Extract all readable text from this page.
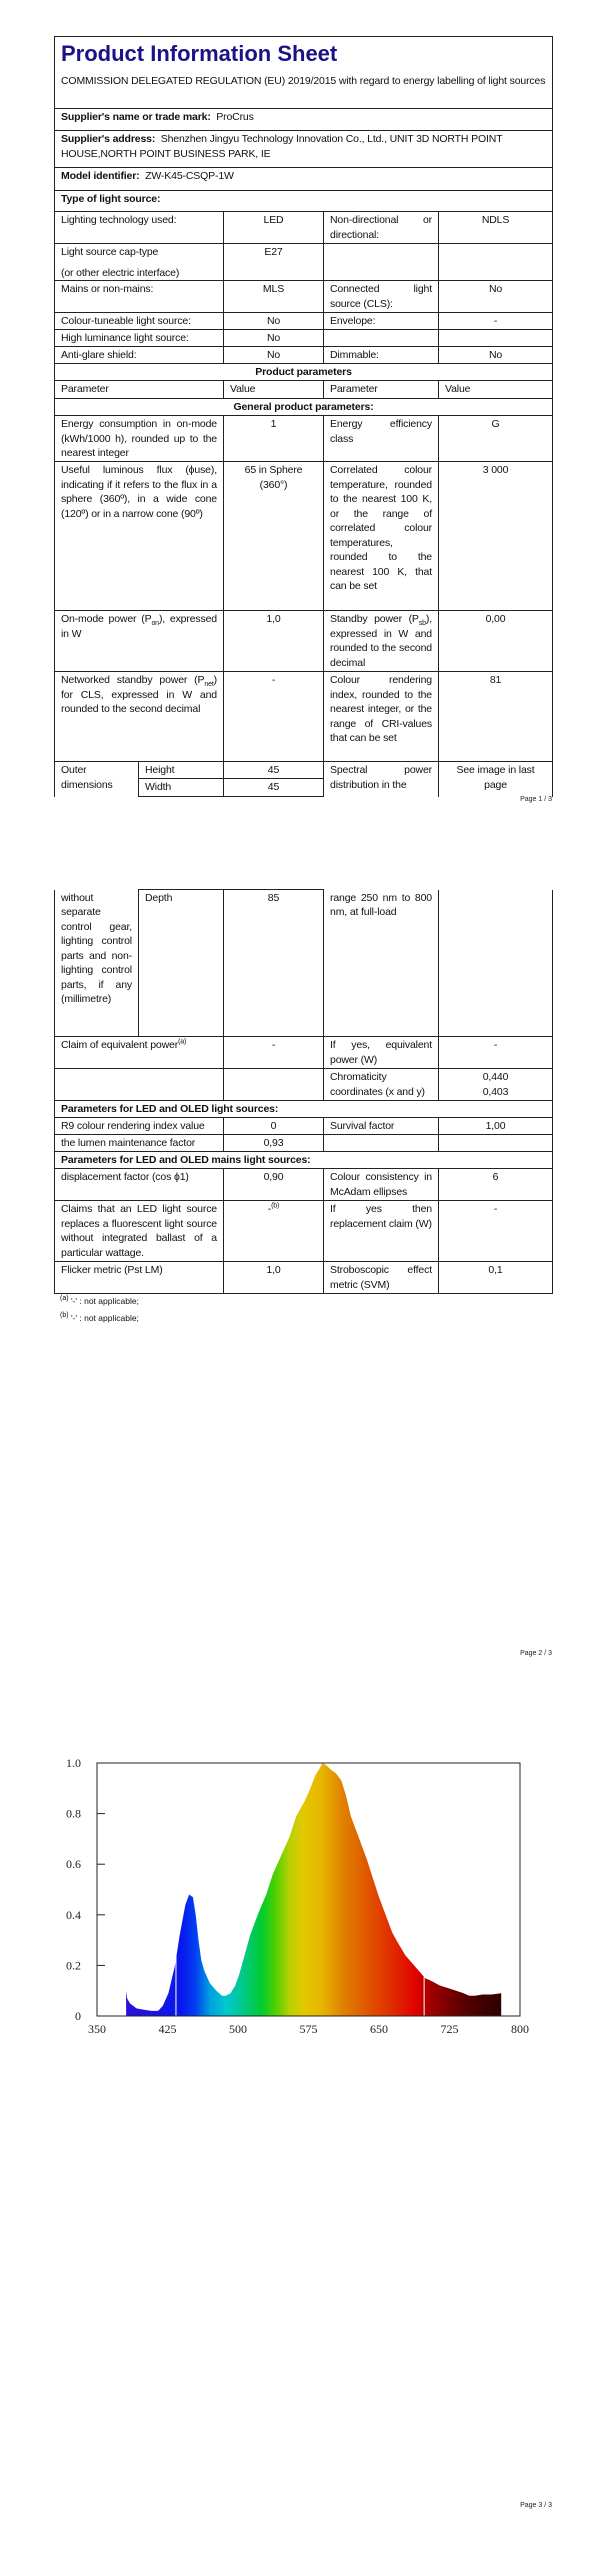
Product Information Sheet
COMMISSION DELEGATED REGULATION (EU) 2019/2015 with regard to energy labelling of light sources				

Supplier's name or trade mark: ProCrus				
Supplier's address: Shenzhen Jingyu Technology Innovation Co., Ltd., UNIT 3D NORTH POINT HOUSE,NORTH POINT BUSINESS PARK, IE				
Model identifier: ZW-K45-CSQP-1W				
Type of light source:				
Lighting technology used:		LED	Non-directional or directional:	NDLS
Light source cap-type
(or other electric interface)		E27		
Mains or non-mains:		MLS	Connected light source (CLS):	No
Colour-tuneable light source:		No	Envelope:	-
High luminance light source:		No		
Anti-glare shield:		No	Dimmable:	No
Product parameters				
Parameter		Value	Parameter	Value
General product parameters:				
Energy consumption in on-mode (kWh/1000 h), rounded up to the nearest integer		1	Energy efficiency class	G
Useful luminous flux (ϕuse), indicating if it refers to the flux in a sphere (360º), in a wide cone (120º) or in a narrow cone (90º)		65 in Sphere (360°)	Correlated colour temperature, rounded to the nearest 100 K, or the range of correlated colour temperatures, rounded to the nearest 100 K, that can be set	3 000
On-mode power $(P_{on})$, expressed in W		1,0	Standby power $(P_{sb})$, expressed in W and rounded to the second decimal	0,00
Networked standby power $(P_{net})$ for CLS, expressed in W and rounded to the second decimal		-	Colour rendering index, rounded to the nearest integer, or the range of CRI-values that can be set	81
Outer dimensions	Height	45	Spectral power distribution in the	See image in last page
	Width	45		
Page 1 / 3
without separate control gear, lighting control parts and non-lighting control parts, if any (millimetre)	Depth	85	range 250 nm to 800 nm, at full-load	
Claim of equivalent power$^{(a)}$		-	If yes, equivalent power (W)	-
			Chromaticity coordinates (x and y)	0,440
0,403

Parameters for LED and OLED light sources:				
R9 colour rendering index value		0	Survival factor	1,00
the lumen maintenance factor		0,93		
Parameters for LED and OLED mains light sources:				
displacement factor (cos ϕ1)		0,90	Colour consistency in McAdam ellipses	6
Claims that an LED light source replaces a fluorescent light source without integrated ballast of a particular wattage.		-$^{(b)}$	If yes then replacement claim (W)	-
Flicker metric (Pst LM)		1,0	Stroboscopic effect metric (SVM)	0,1
$^{(a)}$ '-' : not applicable;
$^{(b)}$ '-' : not applicable;
Page 2 / 3
0
0.2
0.4
0.6
0.8
1.0
350	425	500	575	650	725	800
Page 3 / 3
